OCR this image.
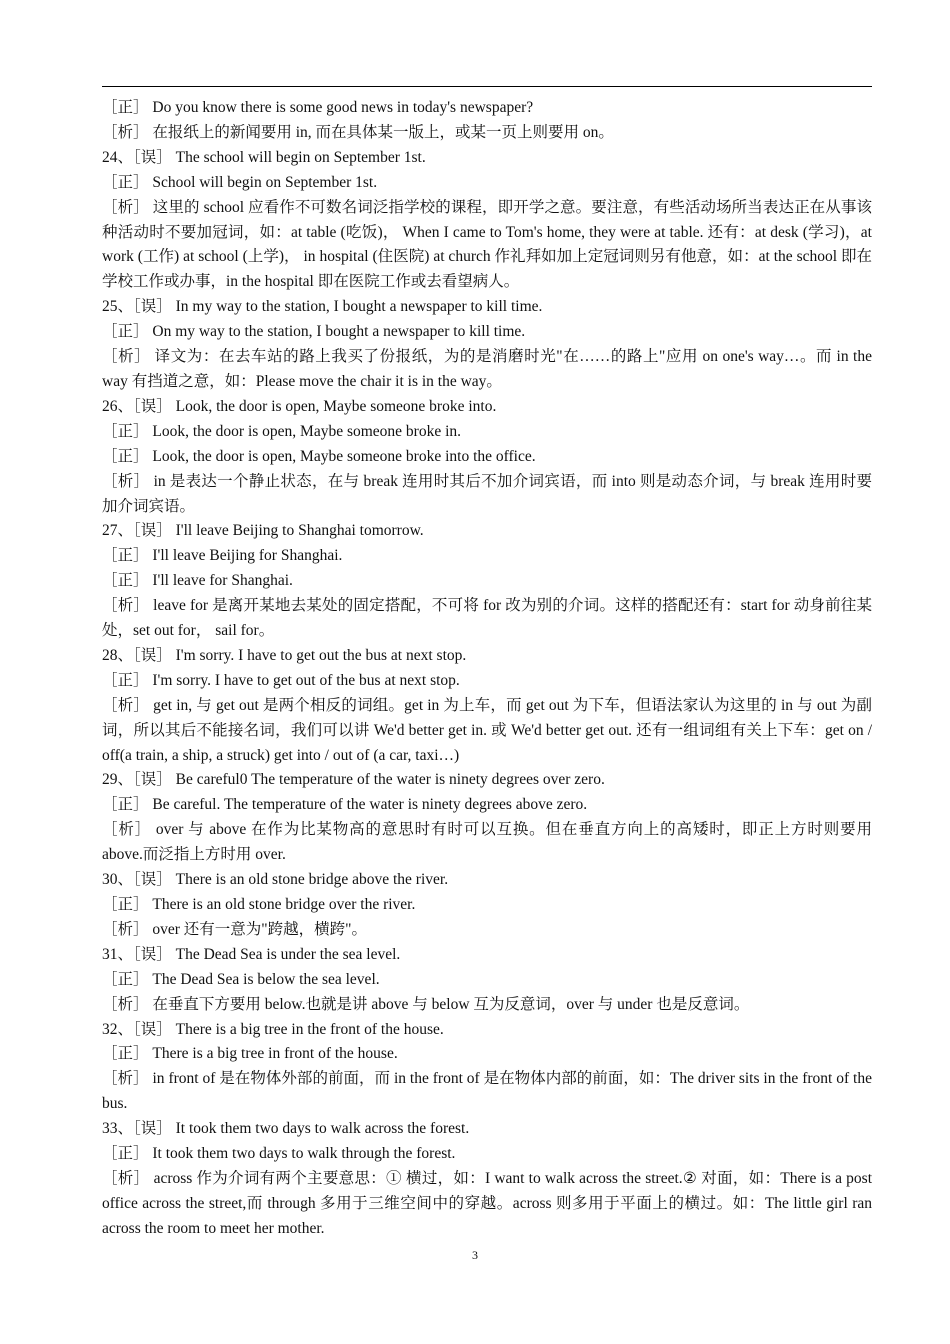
［正］ Do you know there is some good news in today's newspaper?
［析］ 在报纸上的新闻要用 in, 而在具体某一版上，或某一页上则要用 on。
24、［误］ The school will begin on September 1st.
［正］ School will begin on September 1st.
［析］ 这里的 school 应看作不可数名词泛指学校的课程，即开学之意。要注意，有些活动场所当表达正在从事该种活动时不要加冠词，如：at table (吃饭)， When I came to Tom's home, they were at table. 还有：at desk (学习)，at work (工作) at school (上学)， in hospital (住医院) at church 作礼拜如加上定冠词则另有他意，如：at the school 即在学校工作或办事，in the hospital 即在医院工作或去看望病人。
25、［误］ In my way to the station, I bought a newspaper to kill time.
［正］ On my way to the station, I bought a newspaper to kill time.
［析］ 译文为：在去车站的路上我买了份报纸，为的是消磨时光"在……的路上"应用 on one's way…。而 in the way 有挡道之意，如：Please move the chair it is in the way。
26、［误］ Look, the door is open, Maybe someone broke into.
［正］ Look, the door is open, Maybe someone broke in.
［正］ Look, the door is open, Maybe someone broke into the office.
［析］ in 是表达一个静止状态，在与 break 连用时其后不加介词宾语，而 into 则是动态介词，与 break 连用时要加介词宾语。
27、［误］ I'll leave Beijing to Shanghai tomorrow.
［正］ I'll leave Beijing for Shanghai.
［正］ I'll leave for Shanghai.
［析］ leave for 是离开某地去某处的固定搭配，不可将 for 改为别的介词。这样的搭配还有：start for 动身前往某处，set out for， sail for。
28、［误］ I'm sorry. I have to get out the bus at next stop.
［正］ I'm sorry. I have to get out of the bus at next stop.
［析］ get in, 与 get out 是两个相反的词组。get in 为上车，而 get out 为下车，但语法家认为这里的 in 与 out 为副词，所以其后不能接名词，我们可以讲 We'd better get in. 或 We'd better get out. 还有一组词组有关上下车：get on / off(a train, a ship, a struck) get into / out of (a car, taxi…)
29、［误］ Be careful0 The temperature of the water is ninety degrees over zero.
［正］ Be careful. The temperature of the water is ninety degrees above zero.
［析］ over 与 above 在作为比某物高的意思时有时可以互换。但在垂直方向上的高矮时，即正上方时则要用 above.而泛指上方时用 over.
30、［误］ There is an old stone bridge above the river.
［正］ There is an old stone bridge over the river.
［析］ over 还有一意为"跨越，横跨"。
31、［误］ The Dead Sea is under the sea level.
［正］ The Dead Sea is below the sea level.
［析］ 在垂直下方要用 below.也就是讲 above 与 below 互为反意词，over 与 under 也是反意词。
32、［误］ There is a big tree in the front of the house.
［正］ There is a big tree in front of the house.
［析］ in front of 是在物体外部的前面，而 in the front of 是在物体内部的前面，如：The driver sits in the front of the bus.
33、［误］ It took them two days to walk across the forest.
［正］ It took them two days to walk through the forest.
［析］ across 作为介词有两个主要意思：① 横过，如：I want to walk across the street.② 对面，如：There is a post office across the street,而 through 多用于三维空间中的穿越。across 则多用于平面上的横过。如：The little girl ran across the room to meet her mother.
3
